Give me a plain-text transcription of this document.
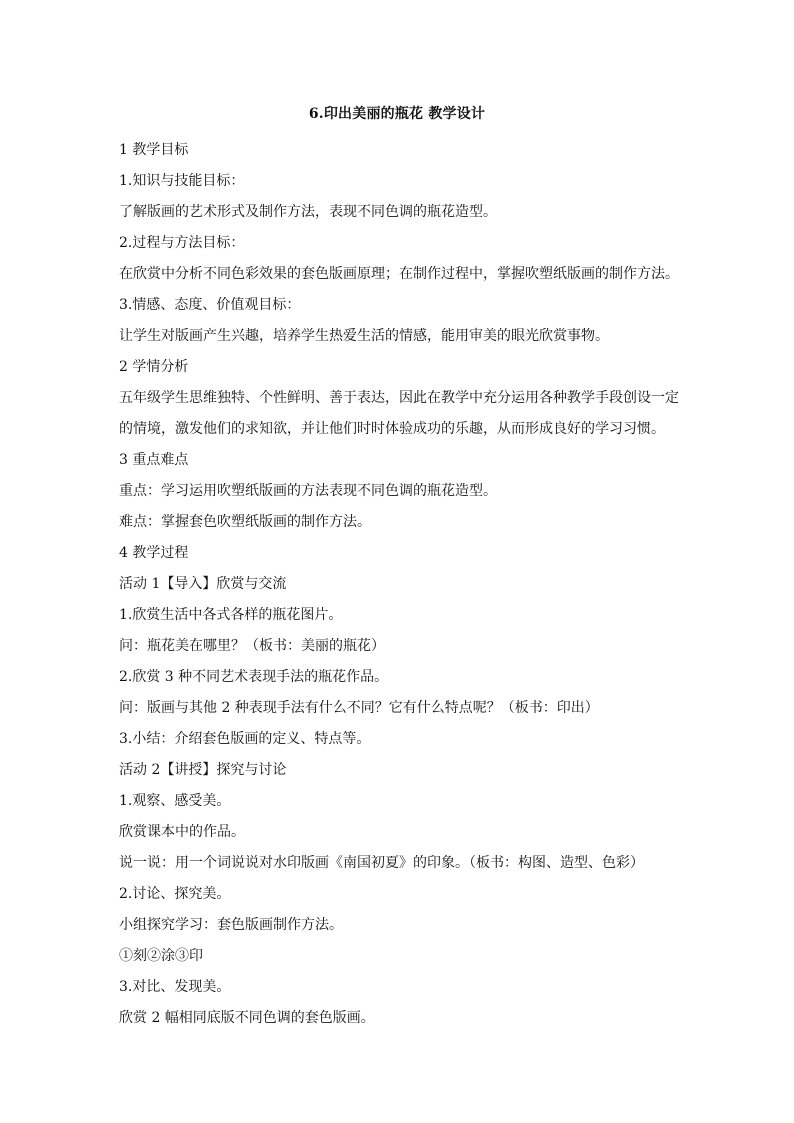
6.印出美丽的瓶花 教学设计
1 教学目标
1.知识与技能目标：
了解版画的艺术形式及制作方法，表现不同色调的瓶花造型。
2.过程与方法目标：
在欣赏中分析不同色彩效果的套色版画原理；在制作过程中，掌握吹塑纸版画的制作方法。
3.情感、态度、价值观目标：
让学生对版画产生兴趣，培养学生热爱生活的情感，能用审美的眼光欣赏事物。
2 学情分析
五年级学生思维独特、个性鲜明、善于表达，因此在教学中充分运用各种教学手段创设一定
的情境，激发他们的求知欲，并让他们时时体验成功的乐趣，从而形成良好的学习习惯。
3 重点难点
重点：学习运用吹塑纸版画的方法表现不同色调的瓶花造型。
难点：掌握套色吹塑纸版画的制作方法。
4 教学过程
活动 1【导入】欣赏与交流
1.欣赏生活中各式各样的瓶花图片。
问：瓶花美在哪里？（板书：美丽的瓶花）
2.欣赏 3 种不同艺术表现手法的瓶花作品。
问：版画与其他 2 种表现手法有什么不同？它有什么特点呢？（板书：印出）
3.小结：介绍套色版画的定义、特点等。
活动 2【讲授】探究与讨论
1.观察、感受美。
欣赏课本中的作品。
说一说：用一个词说说对水印版画《南国初夏》的印象。（板书：构图、造型、色彩）
2.讨论、探究美。
小组探究学习：套色版画制作方法。
①刻②涂③印
3.对比、发现美。
欣赏 2 幅相同底版不同色调的套色版画。
